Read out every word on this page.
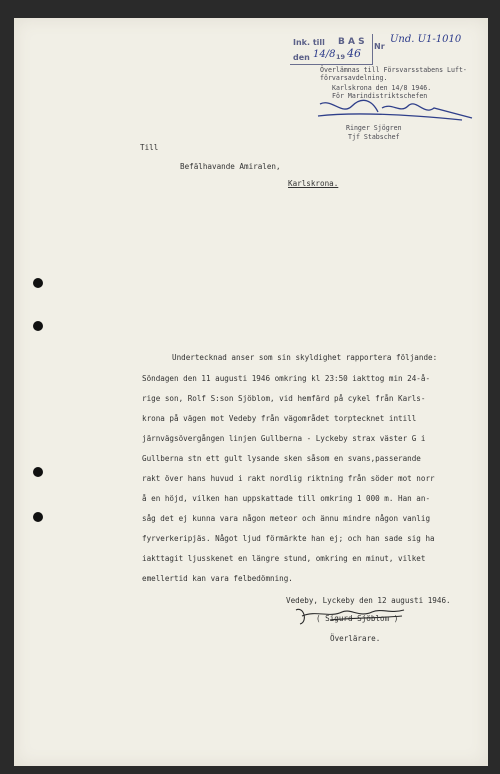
Ink. till B A S Nr
Und. U1-1010
den 14/8 19 46
Överlämnas till Försvarsstabens Luft-
förvarsavdelning.
Karlskrona den 14/8 1946.
För Marindistriktschefen
Ringer Sjögren
Tjf Stabschef
Till
Befälhavande Amiralen,
Karlskrona.
Undertecknad anser som sin skyldighet rapportera följande:
Söndagen den 11 augusti 1946 omkring kl 23:50 iakttog min 24-å-
rige son, Rolf S:son Sjöblom, vid hemfärd på cykel från Karls-
krona på vägen mot Vedeby från vägområdet torptecknet intill
järnvägsövergången linjen Gullberna - Lyckeby strax väster G i
Gullberna stn ett gult lysande sken såsom en svans,passerande
rakt över hans huvud i rakt nordlig riktning från söder mot norr
å en höjd, vilken han uppskattade till omkring 1 000 m. Han an-
såg det ej kunna vara någon meteor och ännu mindre någon vanlig
fyrverkeripjäs. Något ljud förmärkte han ej; och han sade sig ha
iakttagit ljusskenet en längre stund, omkring en minut, vilket
emellertid kan vara felbedömning.
Vedeby, Lyckeby den 12 augusti 1946.
( Sigurd Sjöblom )
Överlärare.
